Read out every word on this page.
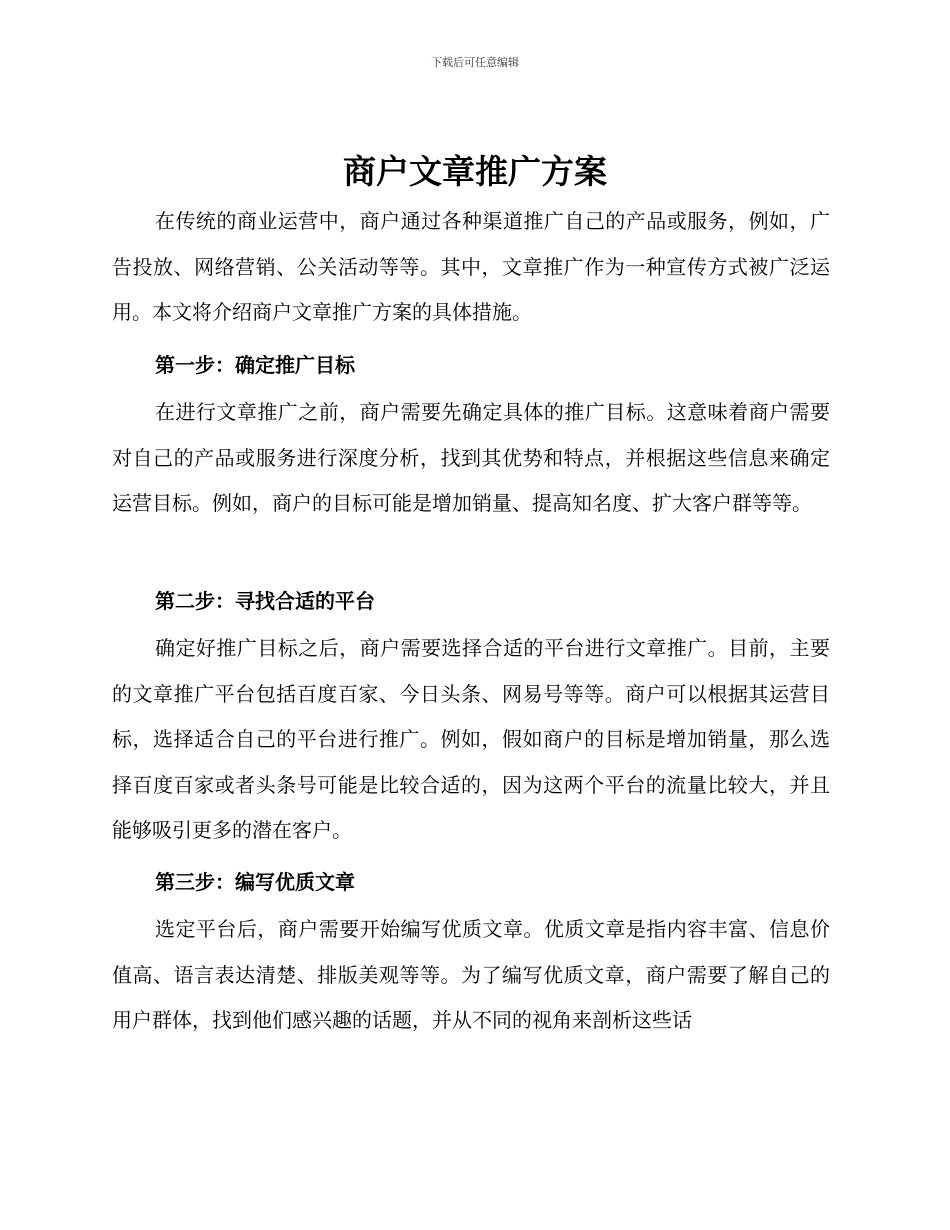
下载后可任意编辑
商户文章推广方案

在传统的商业运营中，商户通过各种渠道推广自己的产品或服务，例如，广告投放、网络营销、公关活动等等。其中，文章推广作为一种宣传方式被广泛运用。本文将介绍商户文章推广方案的具体措施。

第一步：确定推广目标

在进行文章推广之前，商户需要先确定具体的推广目标。这意味着商户需要对自己的产品或服务进行深度分析，找到其优势和特点，并根据这些信息来确定运营目标。例如，商户的目标可能是增加销量、提高知名度、扩大客户群等等。

第二步：寻找合适的平台

确定好推广目标之后，商户需要选择合适的平台进行文章推广。目前，主要的文章推广平台包括百度百家、今日头条、网易号等等。商户可以根据其运营目标，选择适合自己的平台进行推广。例如，假如商户的目标是增加销量，那么选择百度百家或者头条号可能是比较合适的，因为这两个平台的流量比较大，并且能够吸引更多的潜在客户。

第三步：编写优质文章

选定平台后，商户需要开始编写优质文章。优质文章是指内容丰富、信息价值高、语言表达清楚、排版美观等等。为了编写优质文章，商户需要了解自己的用户群体，找到他们感兴趣的话题，并从不同的视角来剖析这些话
